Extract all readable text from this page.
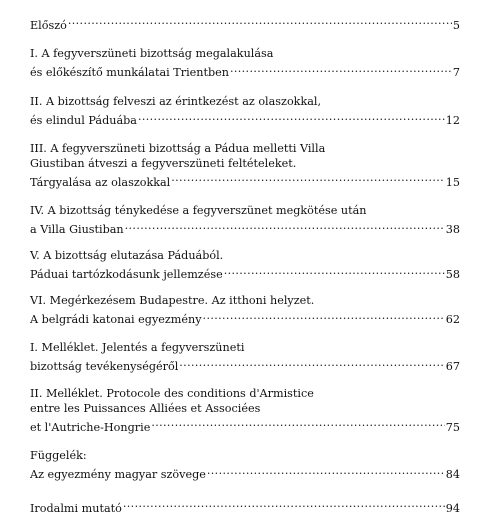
Előszó .....	5
I. A fegyverszüneti bizottság megalakulása
és előkészítő munkálatai Trientben .....	7
II. A bizottság felveszi az érintkezést az olaszokkal,
és elindul Páduába .....	12
III. A fegyverszüneti bizottság a Pádua melletti Villa
Giustiban átveszi a fegyverszüneti feltételeket.
Tárgyalása az olaszokkal .....	15
IV. A bizottság ténykedése a fegyverszünet megkötése után
a Villa Giustiban .....	38
V. A bizottság elutazása Páduából.
Páduai tartózkodásunk jellemzése .....	58
VI. Megérkezésem Budapestre. Az itthoni helyzet.
A belgrádi katonai egyezmény .....	62
I. Melléklet. Jelentés a fegyverszüneti
bizottság tevékenységéről .....	67
II. Melléklet. Protocole des conditions d'Armistice
entre les Puissances Alliées et Associées
et l'Autriche-Hongrie .....	75
Függelék:
Az egyezmény magyar szövege .....	84
Irodalmi mutató .....	94
